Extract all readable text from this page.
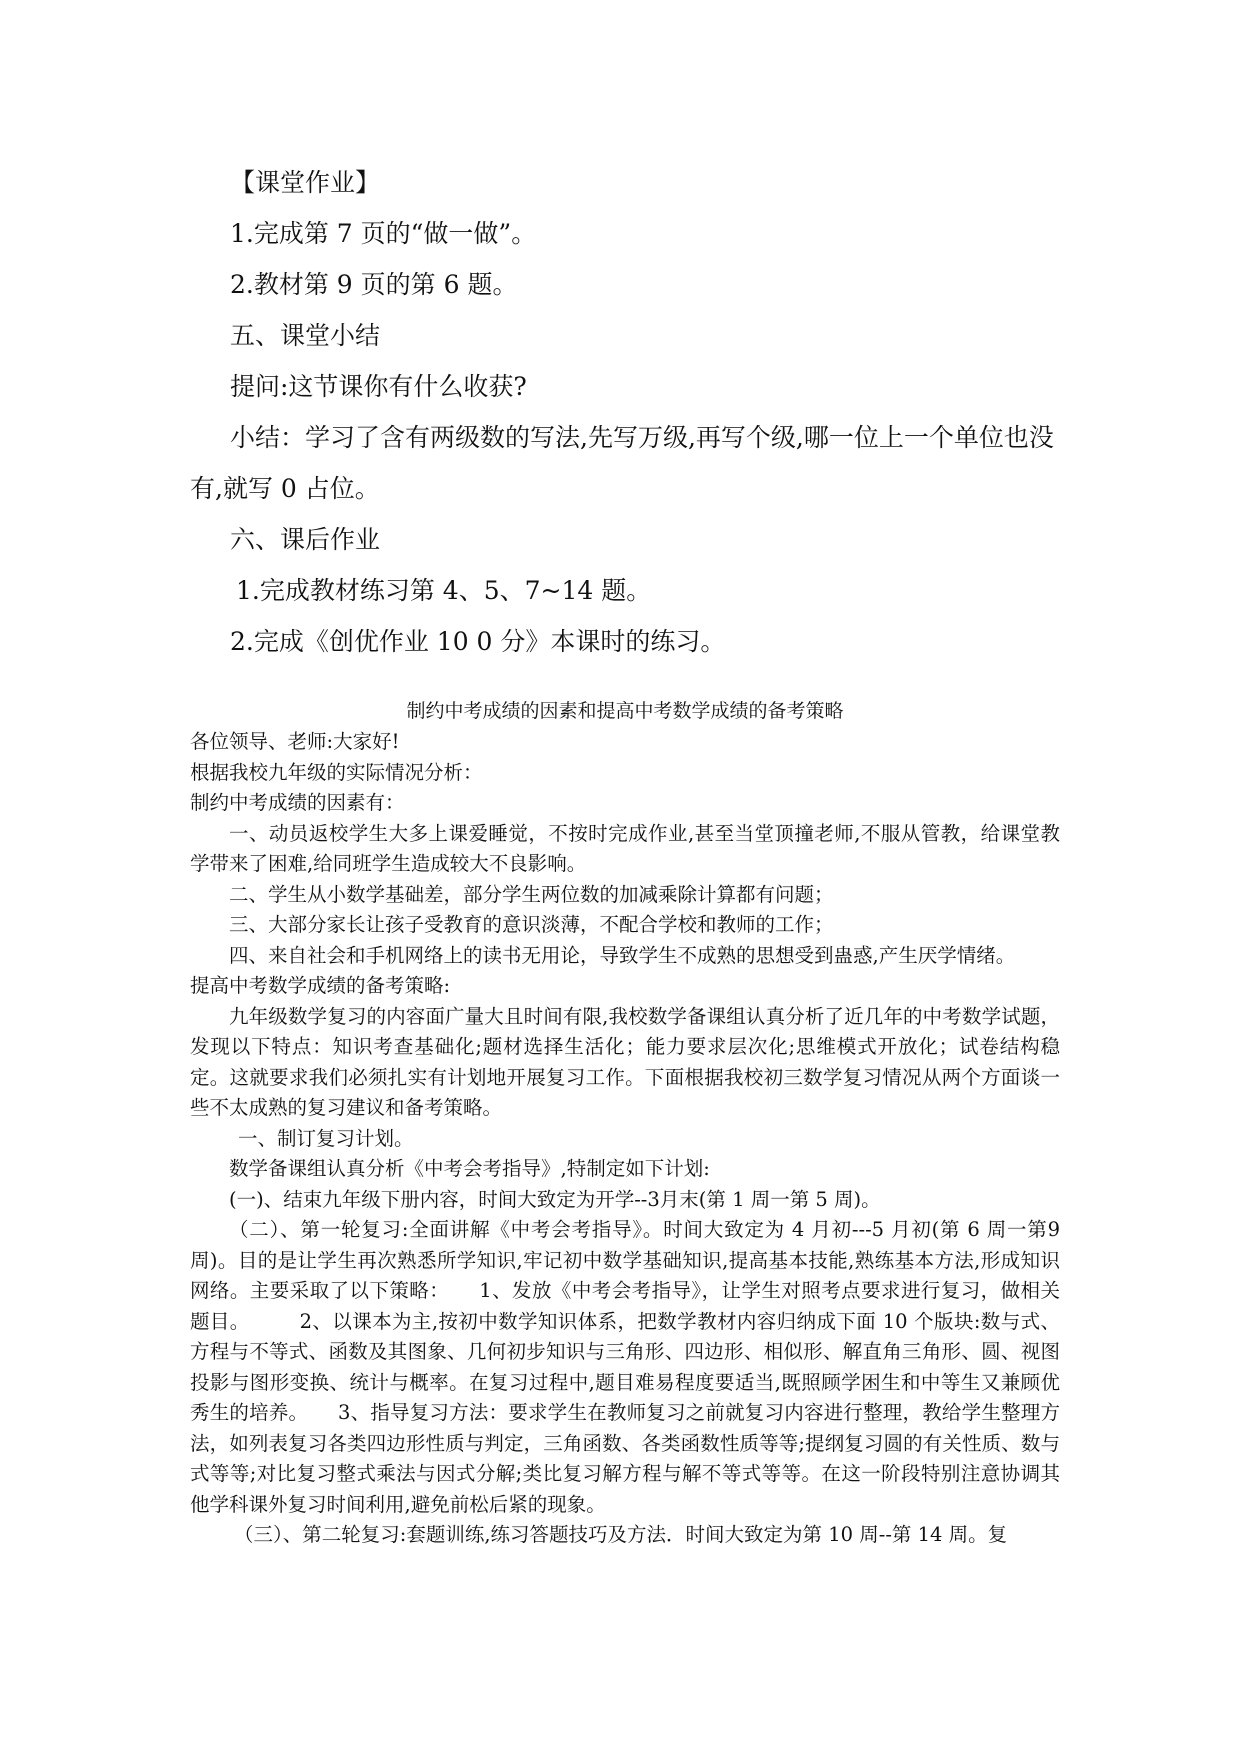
【课堂作业】
1.完成第 7 页的“做一做”。
2.教材第 9 页的第 6 题。
五、课堂小结
提问:这节课你有什么收获?
小结：学习了含有两级数的写法,先写万级,再写个级,哪一位上一个单位也没有,就写 0 占位。
六、课后作业
1.完成教材练习第 4、5、7~14 题。
2.完成《创优作业 10 0 分》本课时的练习。
制约中考成绩的因素和提高中考数学成绩的备考策略
各位领导、老师:大家好!
根据我校九年级的实际情况分析：
制约中考成绩的因素有：
一、动员返校学生大多上课爱睡觉，不按时完成作业,甚至当堂顶撞老师,不服从管教，给课堂教学带来了困难,给同班学生造成较大不良影响。
二、学生从小数学基础差，部分学生两位数的加减乘除计算都有问题；
三、大部分家长让孩子受教育的意识淡薄，不配合学校和教师的工作；
四、来自社会和手机网络上的读书无用论，导致学生不成熟的思想受到蛊惑,产生厌学情绪。
提高中考数学成绩的备考策略:
九年级数学复习的内容面广量大且时间有限,我校数学备课组认真分析了近几年的中考数学试题，发现以下特点：知识考查基础化;题材选择生活化；能力要求层次化;思维模式开放化；试卷结构稳定。这就要求我们必须扎实有计划地开展复习工作。下面根据我校初三数学复习情况从两个方面谈一些不太成熟的复习建议和备考策略。
一、制订复习计划。
数学备课组认真分析《中考会考指导》,特制定如下计划:
(一)、结束九年级下册内容，时间大致定为开学--3月末(第 1 周一第 5 周)。
（二）、第一轮复习:全面讲解《中考会考指导》。时间大致定为 4 月初---5 月初(第 6 周一第9周)。目的是让学生再次熟悉所学知识,牢记初中数学基础知识,提高基本技能,熟练基本方法,形成知识网络。主要采取了以下策略：　　1、发放《中考会考指导》，让学生对照考点要求进行复习，做相关题目。　　　2、以课本为主,按初中数学知识体系，把数学教材内容归纳成下面 10 个版块:数与式、方程与不等式、函数及其图象、几何初步知识与三角形、四边形、相似形、解直角三角形、圆、视图投影与图形变换、统计与概率。在复习过程中,题目难易程度要适当,既照顾学困生和中等生又兼顾优秀生的培养。　　3、指导复习方法：要求学生在教师复习之前就复习内容进行整理，教给学生整理方法，如列表复习各类四边形性质与判定，三角函数、各类函数性质等等;提纲复习圆的有关性质、数与式等等;对比复习整式乘法与因式分解;类比复习解方程与解不等式等等。在这一阶段特别注意协调其他学科课外复习时间利用,避免前松后紧的现象。
（三）、第二轮复习:套题训练,练习答题技巧及方法．时间大致定为第 10 周--第 14 周。复
